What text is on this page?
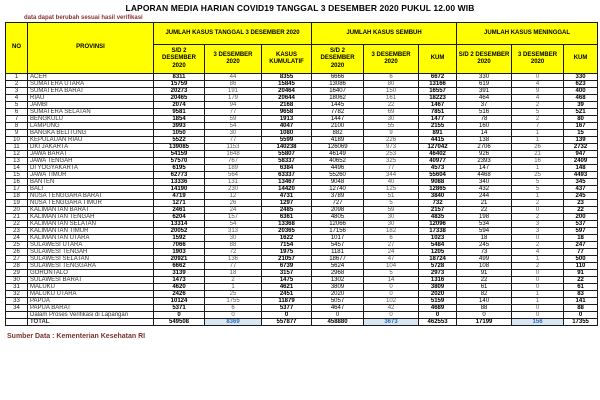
LAPORAN MEDIA HARIAN COVID19 TANGGAL 3 DESEMBER 2020 PUKUL 12.00 WIB
data dapat berubah sesuai hasil verifikasi
NO	PROVINSI	JUMLAH KASUS TANGGAL 3 DESEMBER 2020			JUMLAH KASUS SEMBUH			JUMLAH KASUS MENINGGAL		
		S/D 2 DESEMBER 2020	3 DESEMBER 2020	KASUS KUMULATIF	S/D 2 DESEMBER 2020	3 DESEMBER 2020	KUM	S/D 2 DESEMBER 2020	3 DESEMBER 2020	KUM
1	ACEH	8311	44	8355	6666	6	6672	330	0	330
2	SUMATERA UTARA	15759	86	15845	13086	80	13166	619	4	623
3	SUMATERA BARAT	20273	191	20464	16407	150	16557	391	9	400
4	RIAU	20465	179	20644	18062	161	18223	464	4	468
5	JAMBI	2074	94	2168	1445	22	1467	37	2	39
6	SUMATERA SELATAN	9581	77	9658	7782	69	7851	516	5	521
7	BENGKULU	1854	59	1913	1447	30	1477	78	2	80
8	LAMPUNG	3993	54	4047	2100	55	2155	160	7	167
9	BANGKA BELITUNG	1050	30	1080	882	9	891	14	1	15
10	KEPULAUAN RIAU	5522	77	5599	4189	226	4415	138	1	139
11	DKI JAKARTA	139085	1153	140238	126069	973	127042	2706	26	2732
12	JAWA BARAT	54159	1648	55807	46149	253	46402	926	21	947
13	JAWA TENGAH	57570	767	58337	40652	325	40977	2393	16	2409
14	DI YOGYAKARTA	6195	189	6384	4496	77	4573	147	1	148
15	JAWA TIMUR	62773	564	63337	55260	344	55604	4468	25	4493
16	BANTEN	13336	131	13467	9048	40	9088	340	5	345
17	BALI	14190	230	14420	12740	125	12865	432	5	437
18	NUSA TENGGARA BARAT	4719	12	4731	3789	51	3840	244	1	245
19	NUSA TENGGARA TIMUR	1271	26	1297	727	5	732	21	2	23
20	KALIMANTAN BARAT	2461	24	2485	2098	59	2157	22	0	22
21	KALIMANTAN TENGAH	6204	157	6361	4805	30	4835	198	2	200
22	KALIMANTAN SELATAN	13314	54	13368	12066	30	12096	534	3	537
23	KALIMANTAN TIMUR	20052	313	20365	17156	182	17338	594	3	597
24	KALIMANTAN UTARA	1592	30	1622	1017	6	1023	18	0	18
25	SULAWESI UTARA	7066	88	7154	5457	27	5484	245	2	247
26	SULAWESI TENGAH	1903	72	1975	1181	24	1205	73	4	77
27	SULAWESI SELATAN	20921	136	21057	18677	47	18724	499	1	500
28	SULAWESI TENGGARA	6662	77	6739	5624	104	5728	108	2	110
29	GORONTALO	3139	18	3157	2968	5	2973	91	0	91
30	SULAWESI BARAT	1473	2	1475	1302	14	1316	22	0	22
31	MALUKU	4620	1	4621	3809	0	3809	61	0	61
32	MALUKU UTARA	2426	25	2451	2020	0	2020	82	1	83
33	PAPUA	10124	1755	11879	5057	102	5159	140	1	141
34	PAPUA BARAT	5371	6	5377	4647	42	4689	88	0	88
	Dalam Proses Verifikasi di Lapangan	0	0	0	0	0	0	0	0	0
	TOTAL	549508	8369	557877	458880	3673	462553	17199	156	17355
Sumber Data : Kementerian Kesehatan RI
